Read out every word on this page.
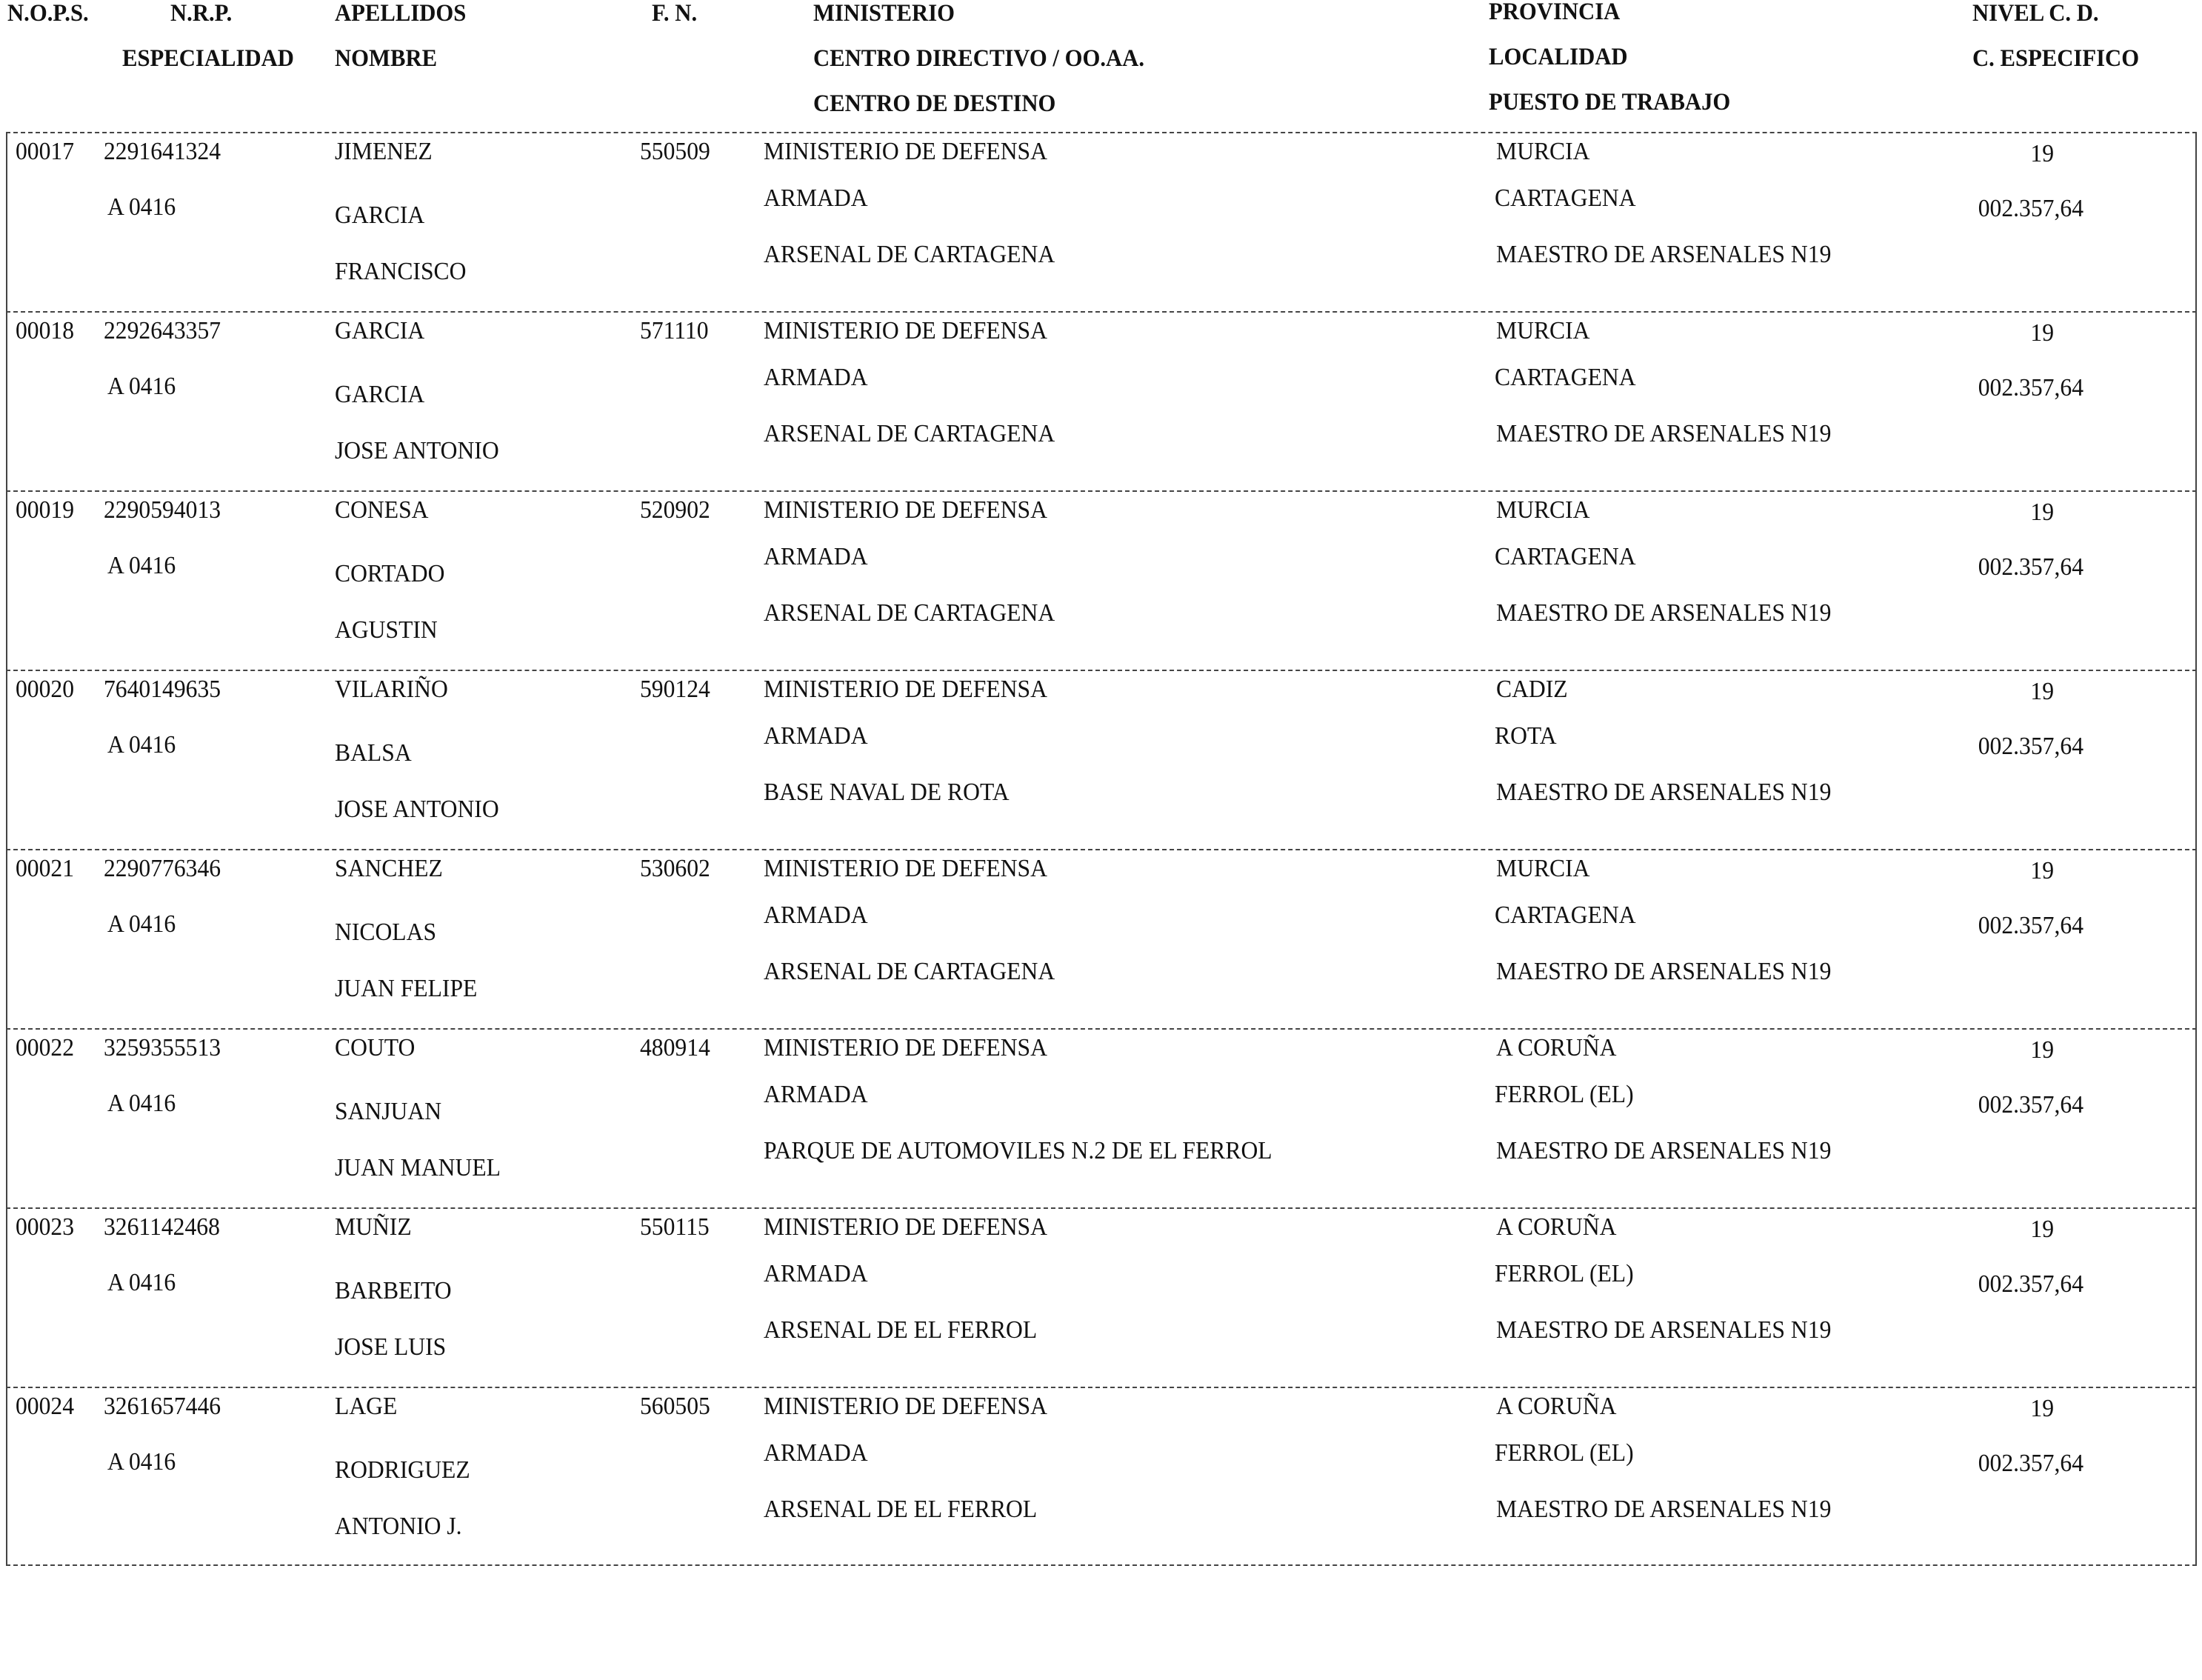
N.O.P.S.	N.R.P.
ESPECIALIDAD
APELLIDOS
NOMBRE
F. N.	MINISTERIO
CENTRO DIRECTIVO / OO.AA.
CENTRO DE DESTINO
PROVINCIA
LOCALIDAD
PUESTO DE TRABAJO
NIVEL C. D.
C. ESPECIFICO
00017 2291641324
A 0416
JIMENEZ
GARCIA
FRANCISCO
550509 MINISTERIO DE DEFENSA
ARMADA
ARSENAL DE CARTAGENA
MURCIA
CARTAGENA
MAESTRO DE ARSENALES N19
19
002.357,64
00018 2292643357
A 0416
GARCIA
GARCIA
JOSE ANTONIO
571110 MINISTERIO DE DEFENSA
ARMADA
ARSENAL DE CARTAGENA
MURCIA
CARTAGENA
MAESTRO DE ARSENALES N19
19
002.357,64
00019 2290594013
A 0416
CONESA
CORTADO
AGUSTIN
520902 MINISTERIO DE DEFENSA
ARMADA
ARSENAL DE CARTAGENA
MURCIA
CARTAGENA
MAESTRO DE ARSENALES N19
19
002.357,64
00020 7640149635
A 0416
VILARIÑO
BALSA
JOSE ANTONIO
590124 MINISTERIO DE DEFENSA
ARMADA
BASE NAVAL DE ROTA
CADIZ
ROTA
MAESTRO DE ARSENALES N19
19
002.357,64
00021 2290776346
A 0416
SANCHEZ
NICOLAS
JUAN FELIPE
530602 MINISTERIO DE DEFENSA
ARMADA
ARSENAL DE CARTAGENA
MURCIA
CARTAGENA
MAESTRO DE ARSENALES N19
19
002.357,64
00022 3259355513
A 0416
COUTO
SANJUAN
JUAN MANUEL
480914 MINISTERIO DE DEFENSA
ARMADA
PARQUE DE AUTOMOVILES N.2 DE EL FERROL
A CORUÑA
FERROL (EL)
MAESTRO DE ARSENALES N19
19
002.357,64
00023 3261142468
A 0416
MUÑIZ
BARBEITO
JOSE LUIS
550115 MINISTERIO DE DEFENSA
ARMADA
ARSENAL DE EL FERROL
A CORUÑA
FERROL (EL)
MAESTRO DE ARSENALES N19
19
002.357,64
00024 3261657446
A 0416
LAGE
RODRIGUEZ
ANTONIO J.
560505 MINISTERIO DE DEFENSA
ARMADA
ARSENAL DE EL FERROL
A CORUÑA
FERROL (EL)
MAESTRO DE ARSENALES N19
19
002.357,64
